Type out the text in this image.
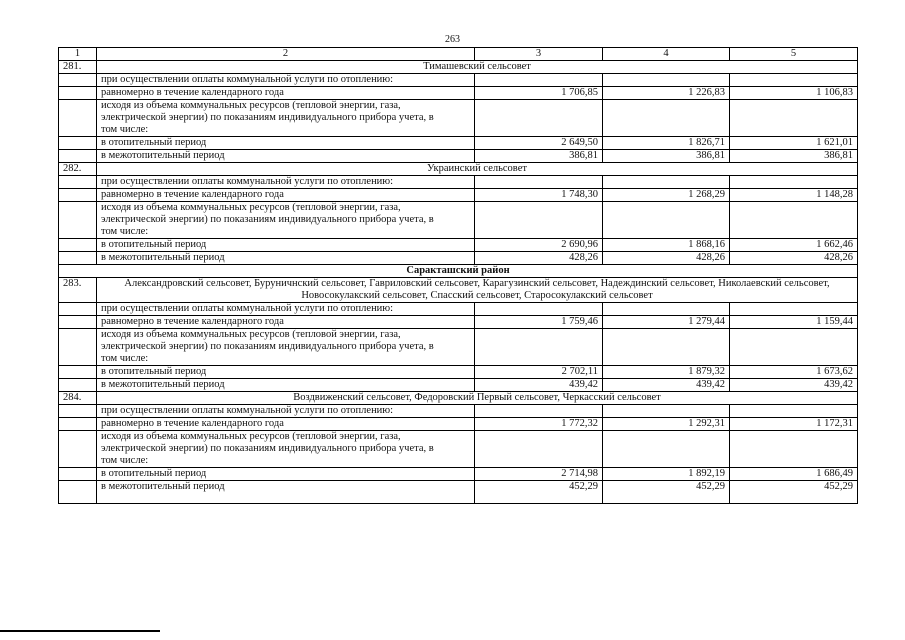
263
1	2	3	4	5
281.	Тимашевский сельсовет			
	при осуществлении оплаты коммунальной услуги по отоплению:			
	равномерно в течение календарного года	1 706,85	1 226,83	1 106,83
	исходя из объема коммунальных ресурсов (тепловой энергии, газа, электрической энергии) по показаниям индивидуального прибора учета, в том числе:			
	в отопительный период	2 649,50	1 826,71	1 621,01
	в межотопительный период	386,81	386,81	386,81
282.	Украинский сельсовет			
	при осуществлении оплаты коммунальной услуги по отоплению:			
	равномерно в течение календарного года	1 748,30	1 268,29	1 148,28
	исходя из объема коммунальных ресурсов (тепловой энергии, газа, электрической энергии) по показаниям индивидуального прибора учета, в том числе:			
	в отопительный период	2 690,96	1 868,16	1 662,46
	в межотопительный период	428,26	428,26	428,26
Саракташский район				
283.	Александровский сельсовет, Буруничнский сельсовет, Гавриловский сельсовет, Карагузинский сельсовет, Надеждинский сельсовет, Николаевский сельсовет, Новосокулакский сельсовет, Спасский сельсовет, Старосокулакский сельсовет			
	при осуществлении оплаты коммунальной услуги по отоплению:			
	равномерно в течение календарного года	1 759,46	1 279,44	1 159,44
	исходя из объема коммунальных ресурсов (тепловой энергии, газа, электрической энергии) по показаниям индивидуального прибора учета, в том числе:			
	в отопительный период	2 702,11	1 879,32	1 673,62
	в межотопительный период	439,42	439,42	439,42
284.	Воздвиженский сельсовет, Федоровский Первый сельсовет, Черкасский сельсовет			
	при осуществлении оплаты коммунальной услуги по отоплению:			
	равномерно в течение календарного года	1 772,32	1 292,31	1 172,31
	исходя из объема коммунальных ресурсов (тепловой энергии, газа, электрической энергии) по показаниям индивидуального прибора учета, в том числе:			
	в отопительный период	2 714,98	1 892,19	1 686,49
	в межотопительный период	452,29	452,29	452,29
